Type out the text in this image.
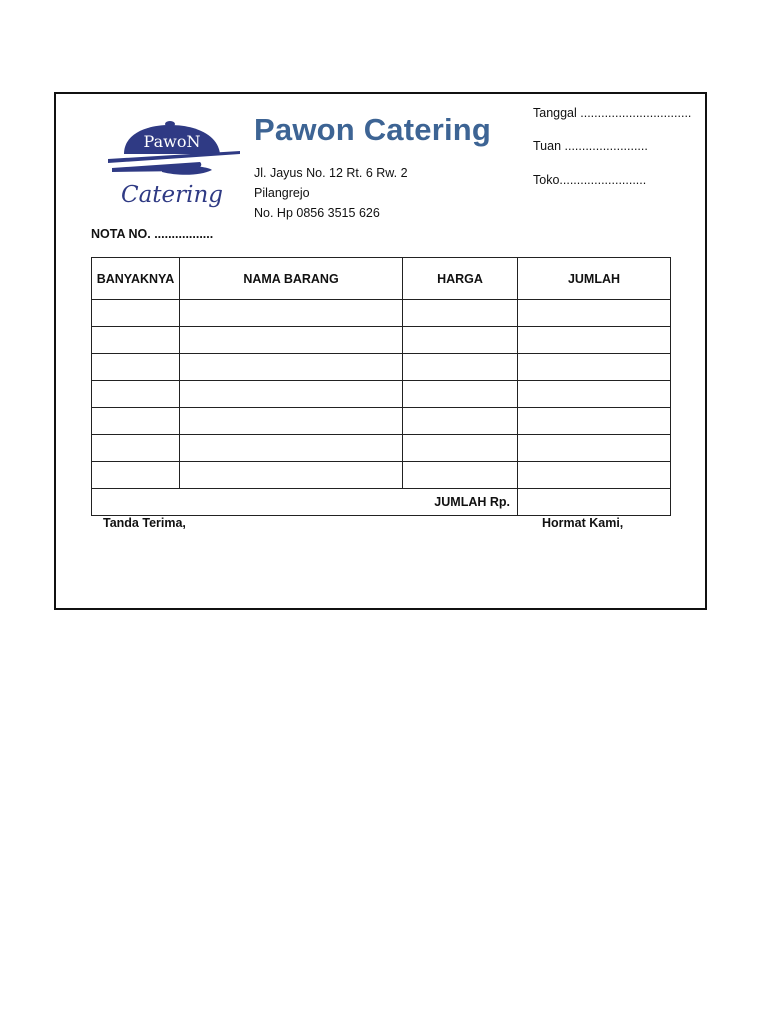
PawoN
Catering
Pawon Catering
Jl. Jayus No. 12 Rt. 6 Rw. 2
Pilangrejo
No. Hp 0856 3515 626
Tanggal ................................
Tuan ........................
Toko.........................
NOTA NO. .................
BANYAKNYA	NAMA BARANG	HARGA	JUMLAH

JUMLAH Rp.			
Tanda Terima,	Hormat Kami,
